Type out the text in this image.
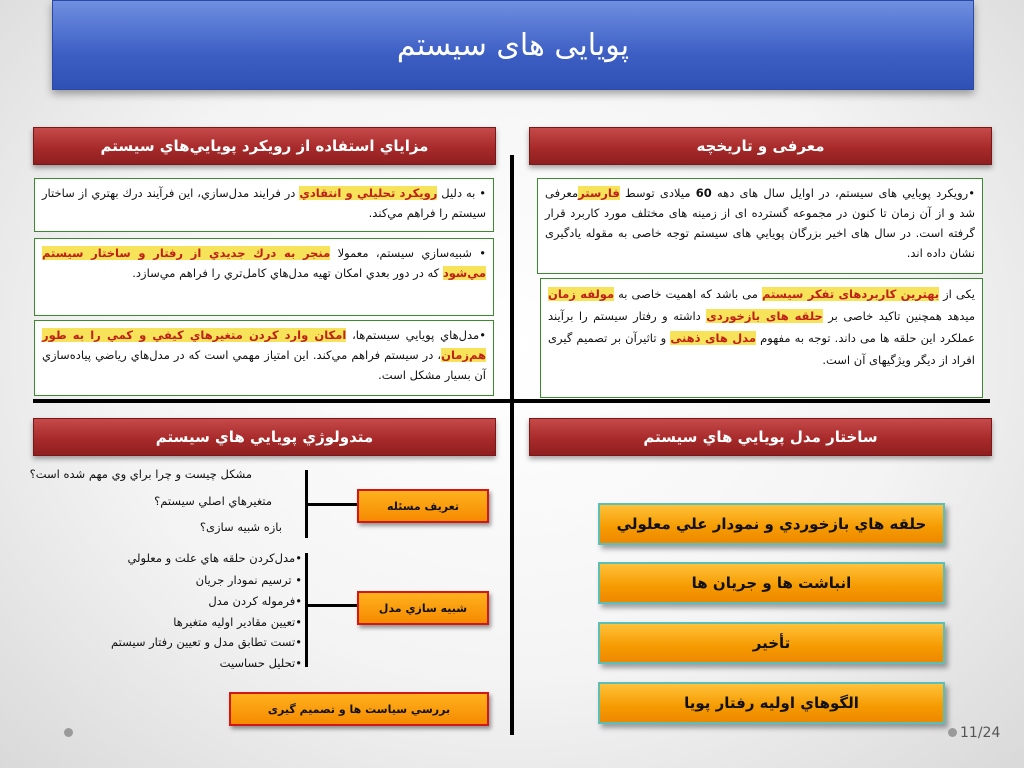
پویایی های سیستم
مزاياي استفاده از رويكرد پويايي‌هاي سيستم	معرفی و تاریخچه
متدولوژي پويايي هاي سيستم	ساختار مدل پويايي هاي سيستم
• به دليل رويكرد تحليلي و انتقادي در فرايند مدل‌سازي، اين فرآيند درك بهتري از ساختار سيستم را فراهم مي‌كند.
• شبيه‌سازي سيستم، معمولا منجر به درك جديدي از رفتار و ساختار سيستم مي‌شود كه در دور بعدي امكان تهيه مدل‌هاي كامل‌تري را فراهم مي‌سازد.
•مدل‌هاي پويايي سيستم‌ها، امكان وارد كردن متغيرهاي كيفي و كمي را به طور هم‌زمان، در سيستم فراهم مي‌كند. اين امتياز مهمي است كه در مدل‌هاي رياضي پياده‌سازي آن بسيار مشكل است.
•رویکرد پويايي های سیستم، در اوایل سال های دهه 60 میلادی توسط فارسترمعرفی شد و از آن زمان تا کنون در مجموعه گسترده ای از زمینه های مختلف مورد کاربرد قرار گرفته است. در سال های اخیر بزرگان پويايي های سیستم توجه خاصی به مقوله یادگیری نشان داده اند.
یکی از بهترین کاربردهای تفکر سیستم می باشد که اهمیت خاصی به مولفه زمان میدهد همچنین تاکید خاصی بر حلقه های بازخوردی داشته و رفتار سیستم را برآیند عملکرد این حلقه ها می داند. توجه به مفهوم مدل های ذهنی و تاثیرآن بر تصمیم گیری افراد از دیگر ویژگیهای آن است.
مشكل چيست و چرا براي وي مهم شده است؟
متغيرهاي اصلي سيستم؟
بازه شبيه سازی؟
تعريف مسئله
•مدل‌كردن حلقه هاي علت و معلولي
• ترسيم نمودار جريان
•فرموله كردن مدل
•تعيين مقادير اوليه متغيرها
•تست تطابق مدل و تعيين رفتار سيستم
•تحليل حساسيت
شبيه سازي مدل
بررسي سياست ها و تصميم گيری
حلقه هاي بازخوردي و نمودار علي معلولي
انباشت ها و جريان ها
تأخير
الگوهاي اوليه رفتار پويا
11/24
